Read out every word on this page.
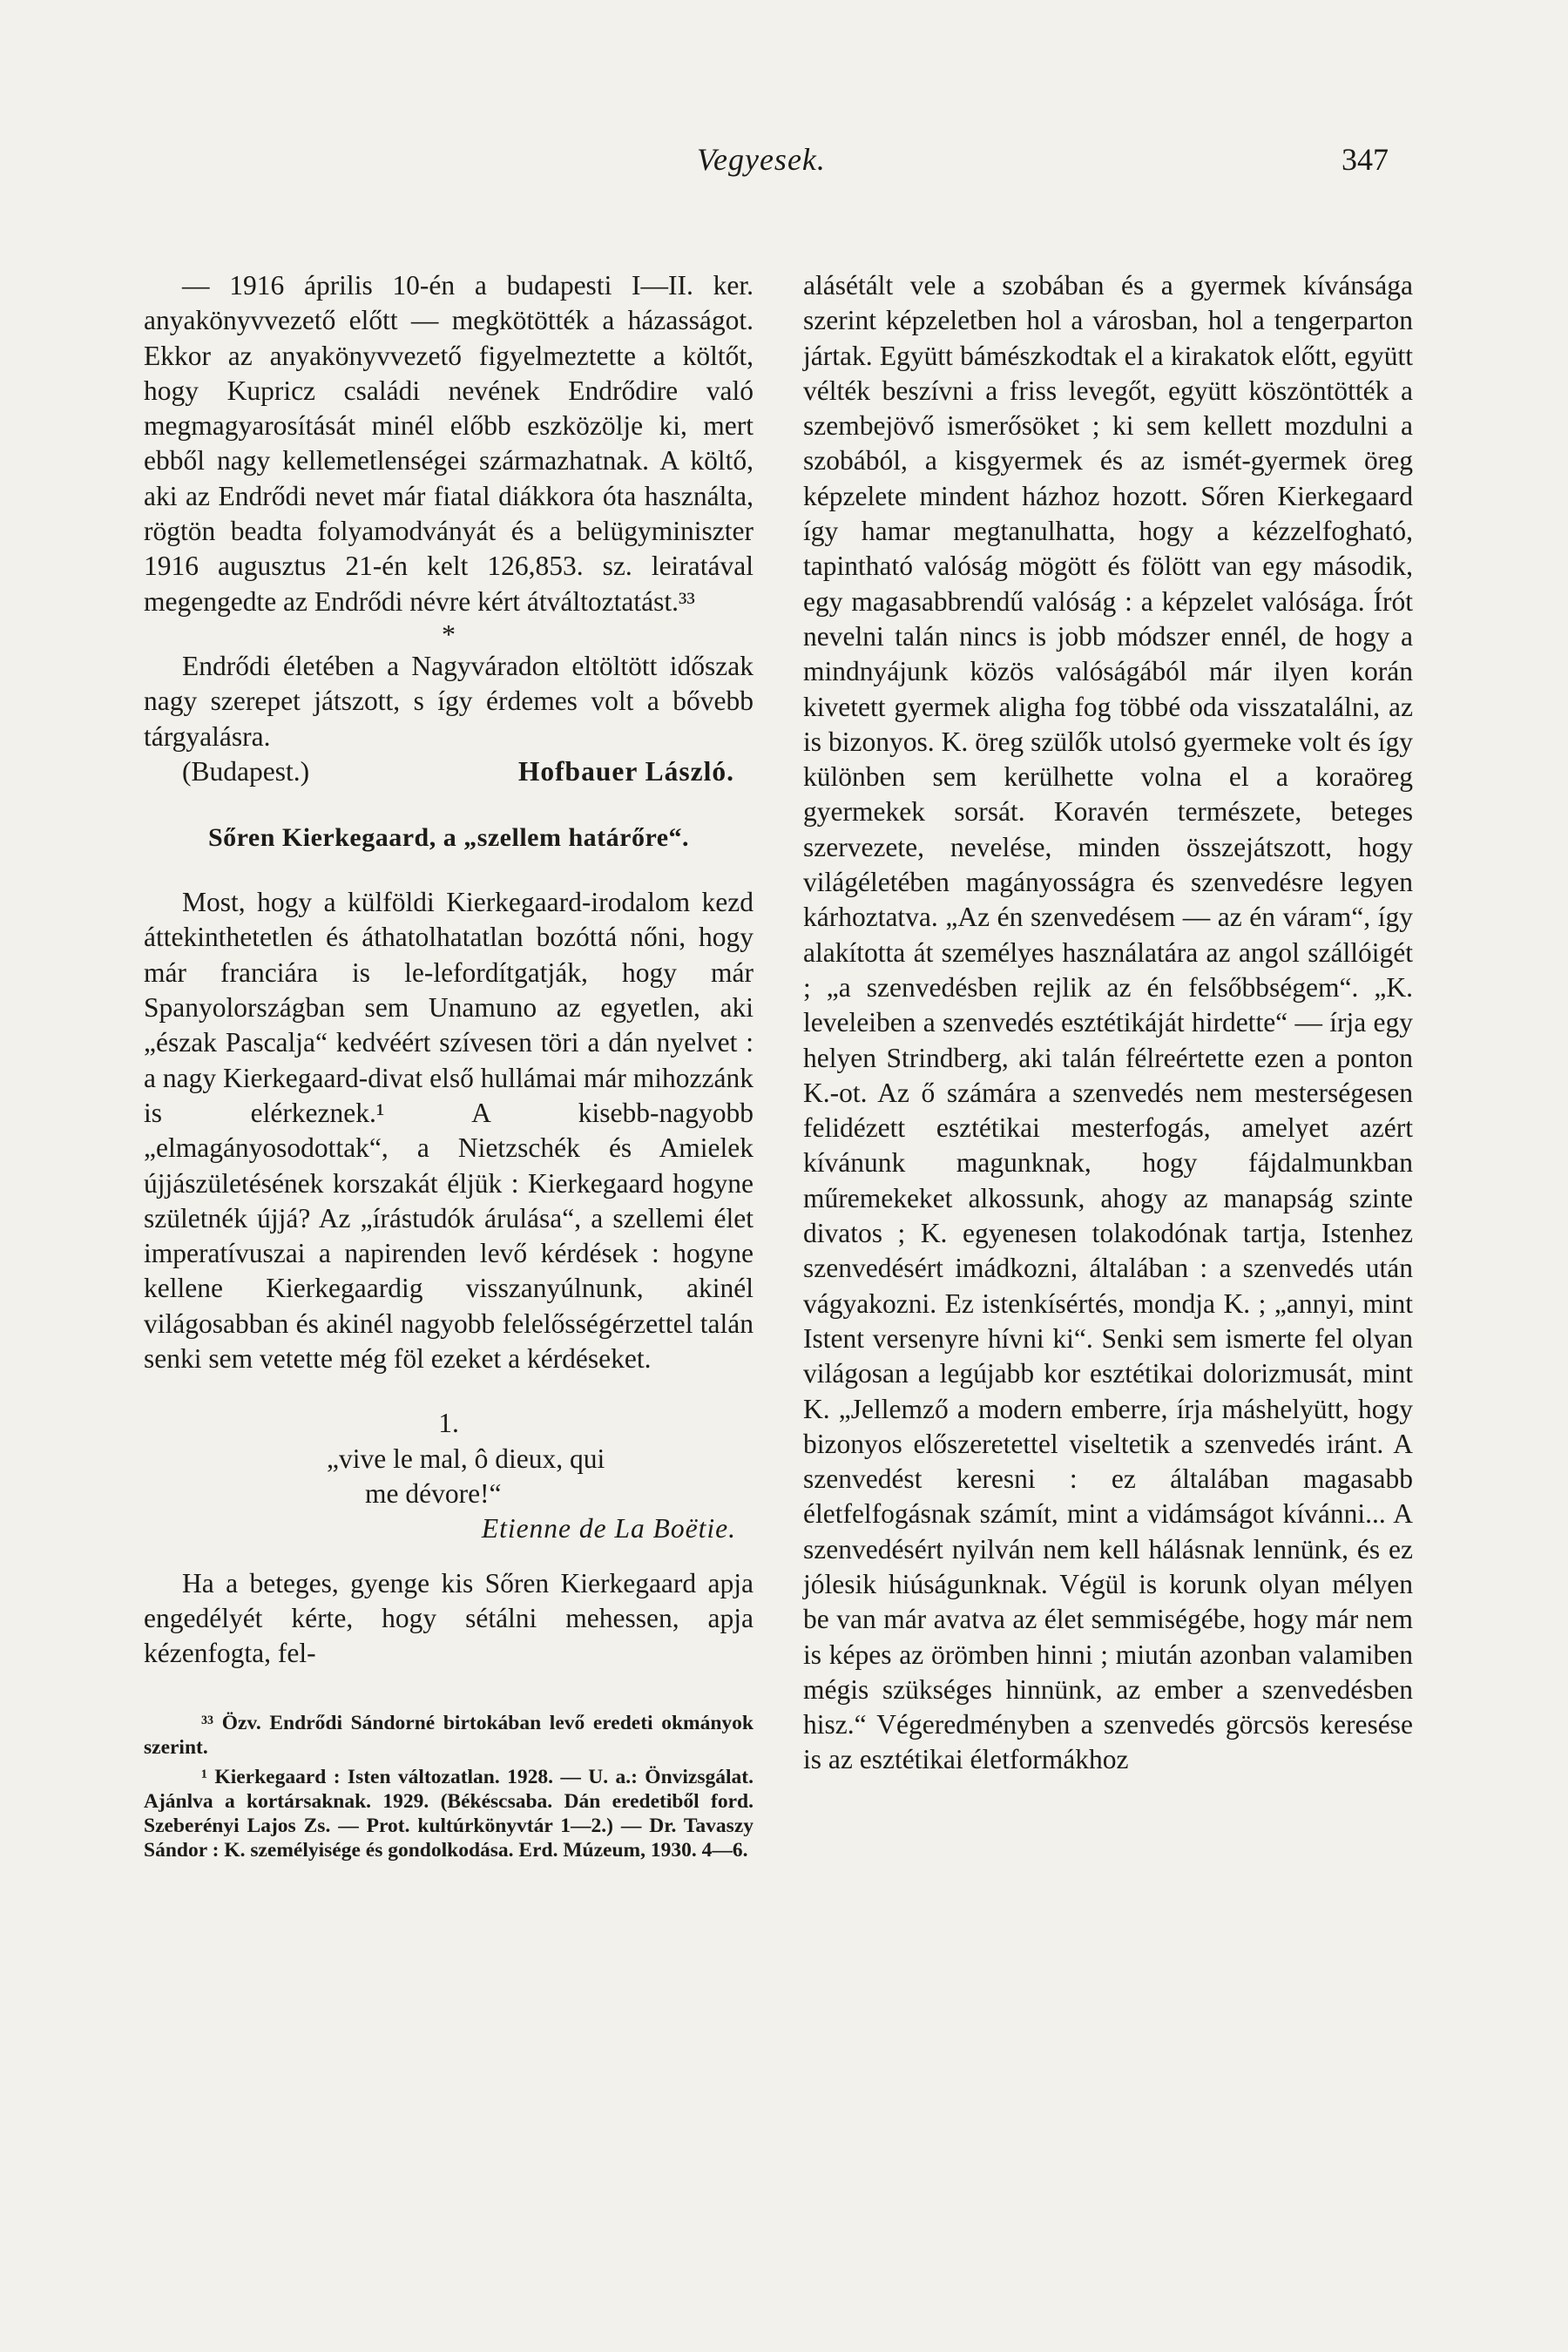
Vegyesek.	347

— 1916 április 10-én a budapesti I—II. ker. anyakönyvvezető előtt — megkötötték a házasságot. Ekkor az anyakönyvvezető figyelmeztette a költőt, hogy Kupricz családi nevének Endrődire való megmagyarosítását minél előbb eszközölje ki, mert ebből nagy kellemetlenségei származhatnak. A költő, aki az Endrődi nevet már fiatal diákkora óta használta, rögtön beadta folyamodványát és a belügyminiszter 1916 augusztus 21-én kelt 126,853. sz. leiratával megengedte az Endrődi névre kért átváltoztatást.³³

*

Endrődi életében a Nagyváradon eltöltött időszak nagy szerepet játszott, s így érdemes volt a bővebb tárgyalásra.

(Budapest.)	Hofbauer László.
Sőren Kierkegaard, a „szellem határőre“.

Most, hogy a külföldi Kierkegaard-irodalom kezd áttekinthetetlen és áthatolhatatlan bozóttá nőni, hogy már franciára is le-lefordítgatják, hogy már Spanyolországban sem Unamuno az egyetlen, aki „észak Pascalja“ kedvéért szívesen töri a dán nyelvet : a nagy Kierkegaard-divat első hullámai már mihozzánk is elérkeznek.¹ A kisebb-nagyobb „elmagányosodottak“, a Nietzschék és Amielek újjászületésének korszakát éljük : Kierkegaard hogyne születnék újjá? Az „írástudók árulása“, a szellemi élet imperatívuszai a napirenden levő kérdések : hogyne kellene Kierkegaardig visszanyúlnunk, akinél világosabban és akinél nagyobb felelősségérzettel talán senki sem vetette még föl ezeket a kérdéseket.

1.

„vive le mal, ô dieux, qui

me dévore!“

Etienne de La Boëtie.

Ha a beteges, gyenge kis Sőren Kierkegaard apja engedélyét kérte, hogy sétálni mehessen, apja kézenfogta, fel-

³³ Özv. Endrődi Sándorné birtokában levő eredeti okmányok szerint.

¹ Kierkegaard : Isten változatlan. 1928. — U. a.: Önvizsgálat. Ajánlva a kortársaknak. 1929. (Békéscsaba. Dán eredetiből ford. Szeberényi Lajos Zs. — Prot. kultúrkönyvtár 1—2.) — Dr. Tavaszy Sándor : K. személyisége és gondolkodása. Erd. Múzeum, 1930. 4—6.

alásétált vele a szobában és a gyermek kívánsága szerint képzeletben hol a városban, hol a tengerparton jártak. Együtt bámészkodtak el a kirakatok előtt, együtt vélték beszívni a friss levegőt, együtt köszöntötték a szembejövő ismerősöket ; ki sem kellett mozdulni a szobából, a kisgyermek és az ismét-gyermek öreg képzelete mindent házhoz hozott. Sőren Kierkegaard így hamar megtanulhatta, hogy a kézzelfogható, tapintható valóság mögött és fölött van egy második, egy magasabbrendű valóság : a képzelet valósága. Írót nevelni talán nincs is jobb módszer ennél, de hogy a mindnyájunk közös valóságából már ilyen korán kivetett gyermek aligha fog többé oda visszatalálni, az is bizonyos. K. öreg szülők utolsó gyermeke volt és így különben sem kerülhette volna el a koraöreg gyermekek sorsát. Koravén természete, beteges szervezete, nevelése, minden összejátszott, hogy világéletében magányosságra és szenvedésre legyen kárhoztatva. „Az én szenvedésem — az én váram“, így alakította át személyes használatára az angol szállóigét ; „a szenvedésben rejlik az én felsőbbségem“. „K. leveleiben a szenvedés esztétikáját hirdette“ — írja egy helyen Strindberg, aki talán félreértette ezen a ponton K.-ot. Az ő számára a szenvedés nem mesterségesen felidézett esztétikai mesterfogás, amelyet azért kívánunk magunknak, hogy fájdalmunkban műremekeket alkossunk, ahogy az manapság szinte divatos ; K. egyenesen tolakodónak tartja, Istenhez szenvedésért imádkozni, általában : a szenvedés után vágyakozni. Ez istenkísértés, mondja K. ; „annyi, mint Istent versenyre hívni ki“. Senki sem ismerte fel olyan világosan a legújabb kor esztétikai dolorizmusát, mint K. „Jellemző a modern emberre, írja máshelyütt, hogy bizonyos előszeretettel viseltetik a szenvedés iránt. A szenvedést keresni : ez általában magasabb életfelfogásnak számít, mint a vidámságot kívánni... A szenvedésért nyilván nem kell hálásnak lennünk, és ez jólesik hiúságunknak. Végül is korunk olyan mélyen be van már avatva az élet semmiségébe, hogy már nem is képes az örömben hinni ; miután azonban valamiben mégis szükséges hinnünk, az ember a szenvedésben hisz.“ Végeredményben a szenvedés görcsös keresése is az esztétikai életformákhoz
